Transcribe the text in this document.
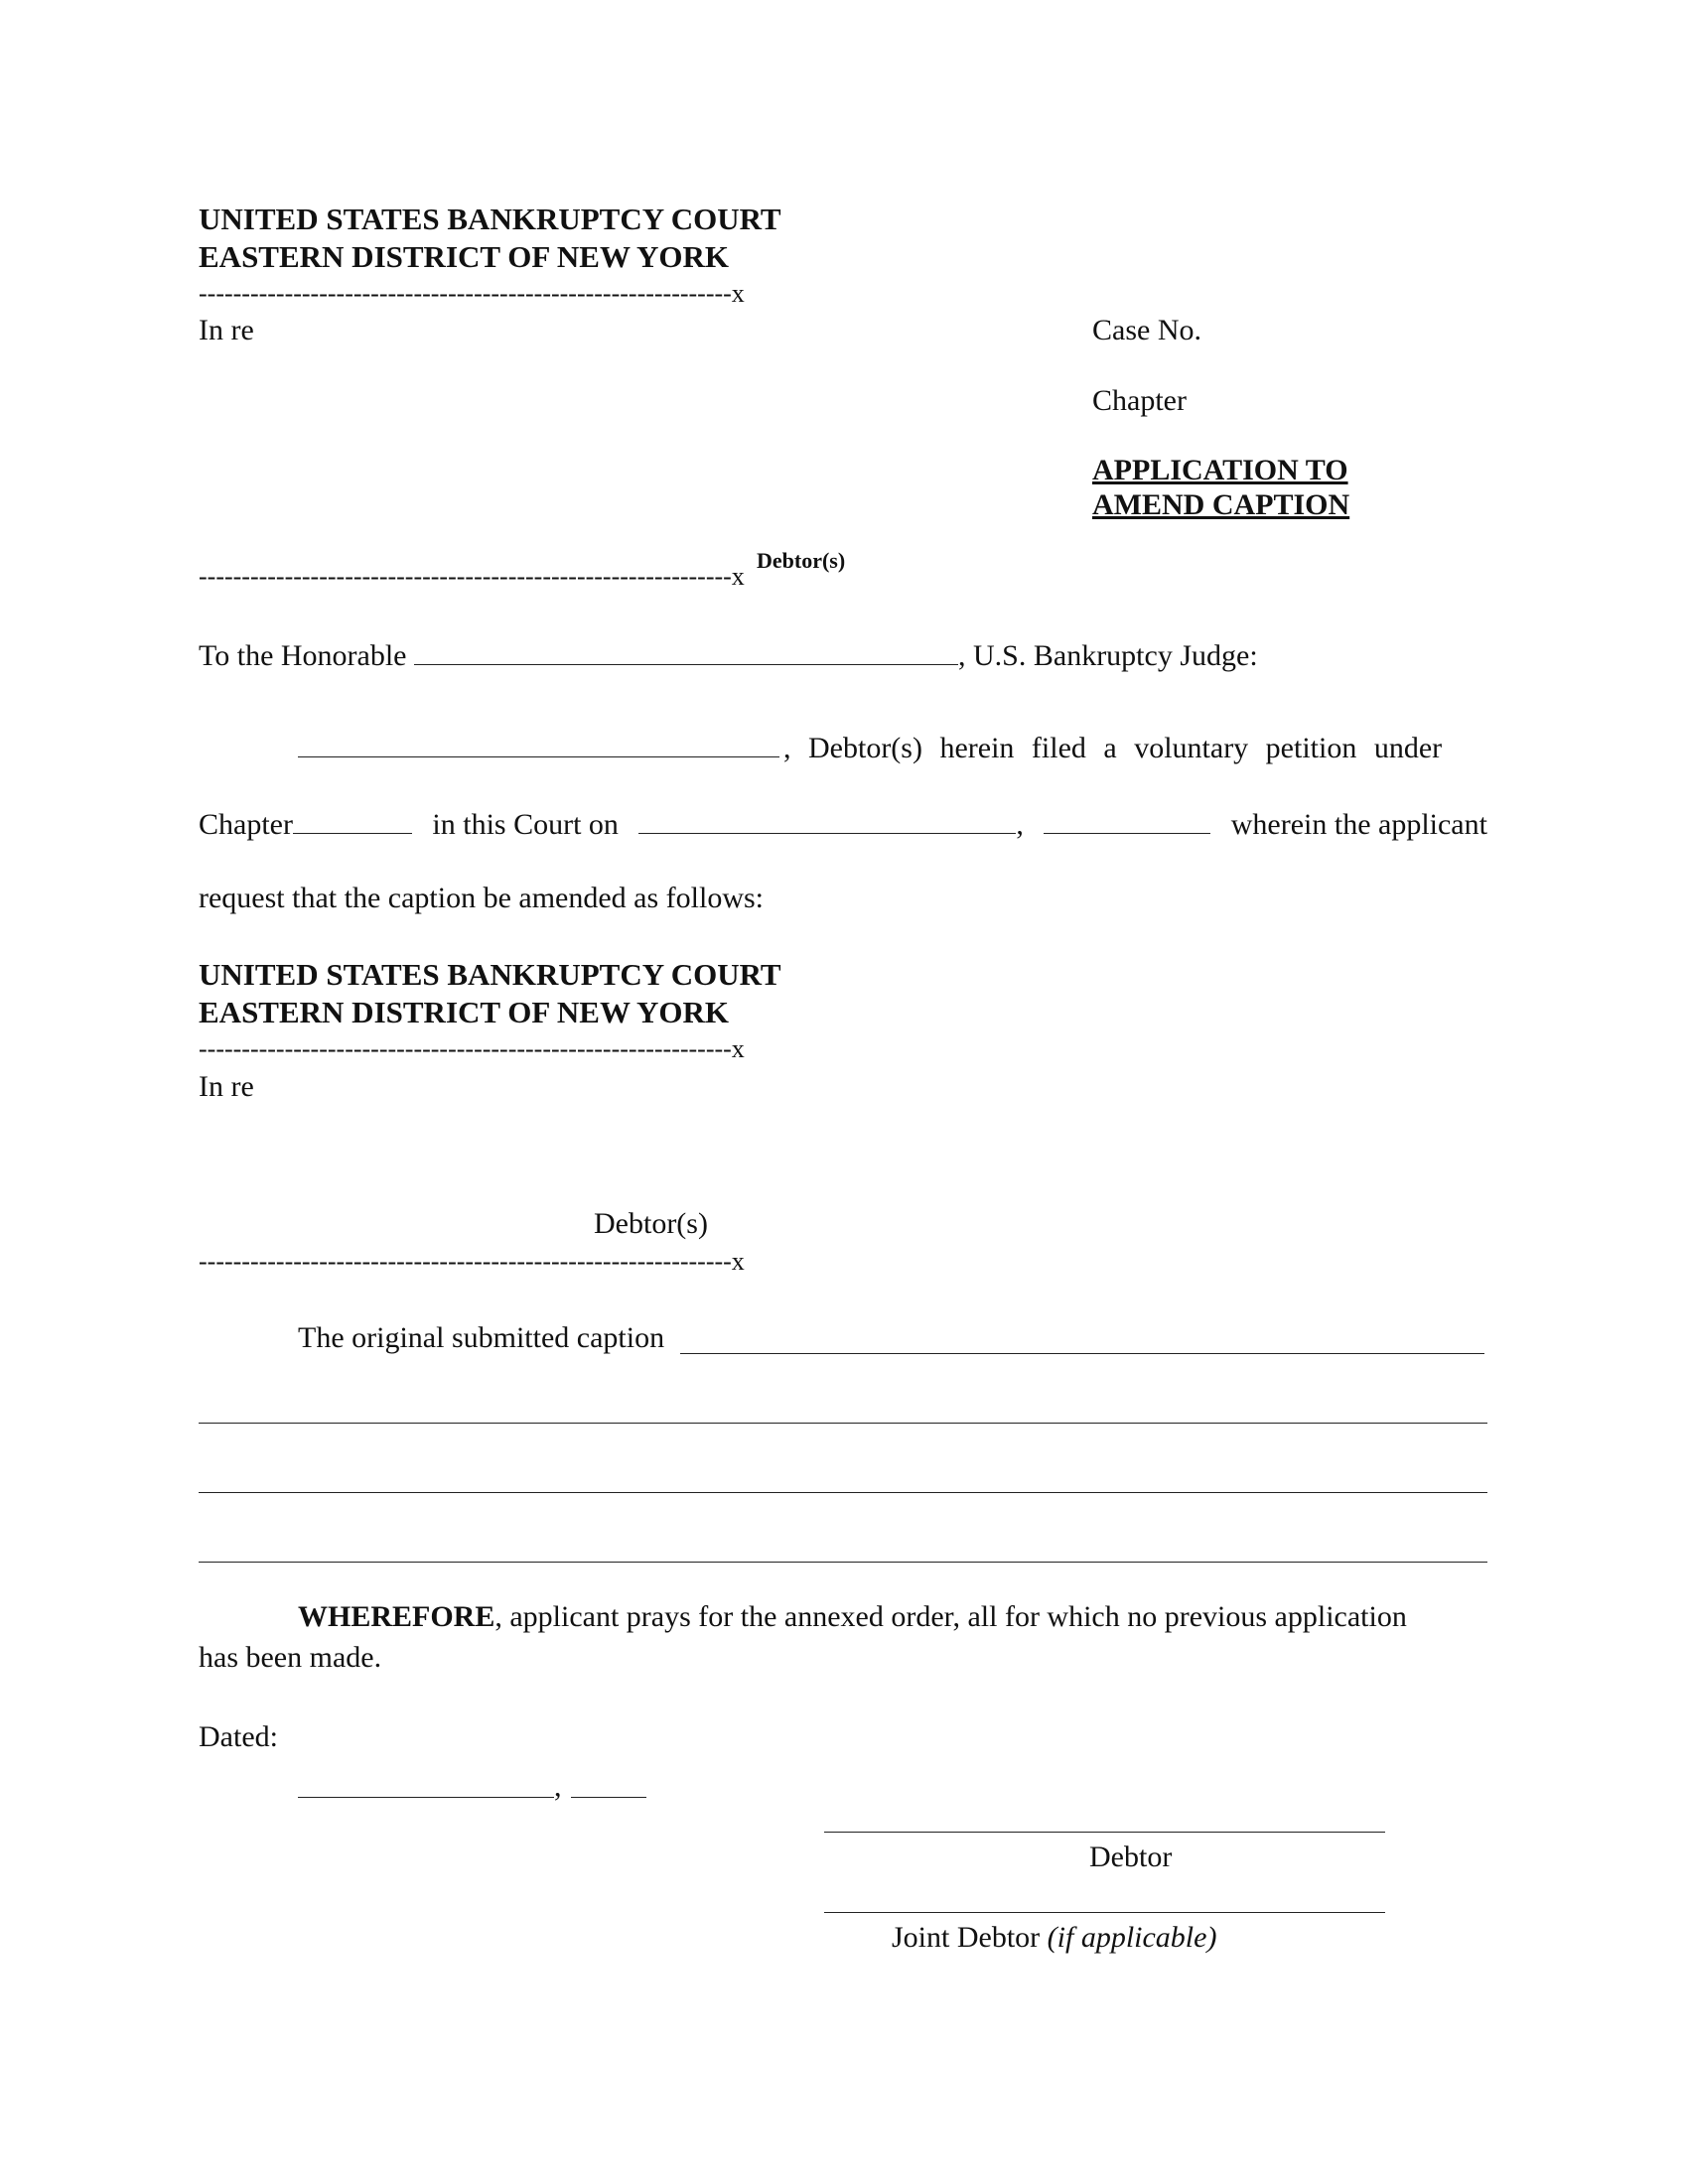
UNITED STATES BANKRUPTCY COURT
EASTERN DISTRICT OF NEW YORK
--------------------------------------------------------------x
In re	Case No.
Chapter
APPLICATION TO
AMEND CAPTION
Debtor(s)
--------------------------------------------------------------x
To the Honorable	, U.S. Bankruptcy Judge:
, Debtor(s) herein filed a voluntary petition under
Chapter	in this Court on	,	wherein the applicant
request that the caption be amended as follows:
UNITED STATES BANKRUPTCY COURT
EASTERN DISTRICT OF NEW YORK
--------------------------------------------------------------x
In re
Debtor(s)
--------------------------------------------------------------x
The original submitted caption
WHEREFORE, applicant prays for the annexed order, all for which no previous application
has been made.
Dated:
,
Debtor
Joint Debtor (if applicable)
